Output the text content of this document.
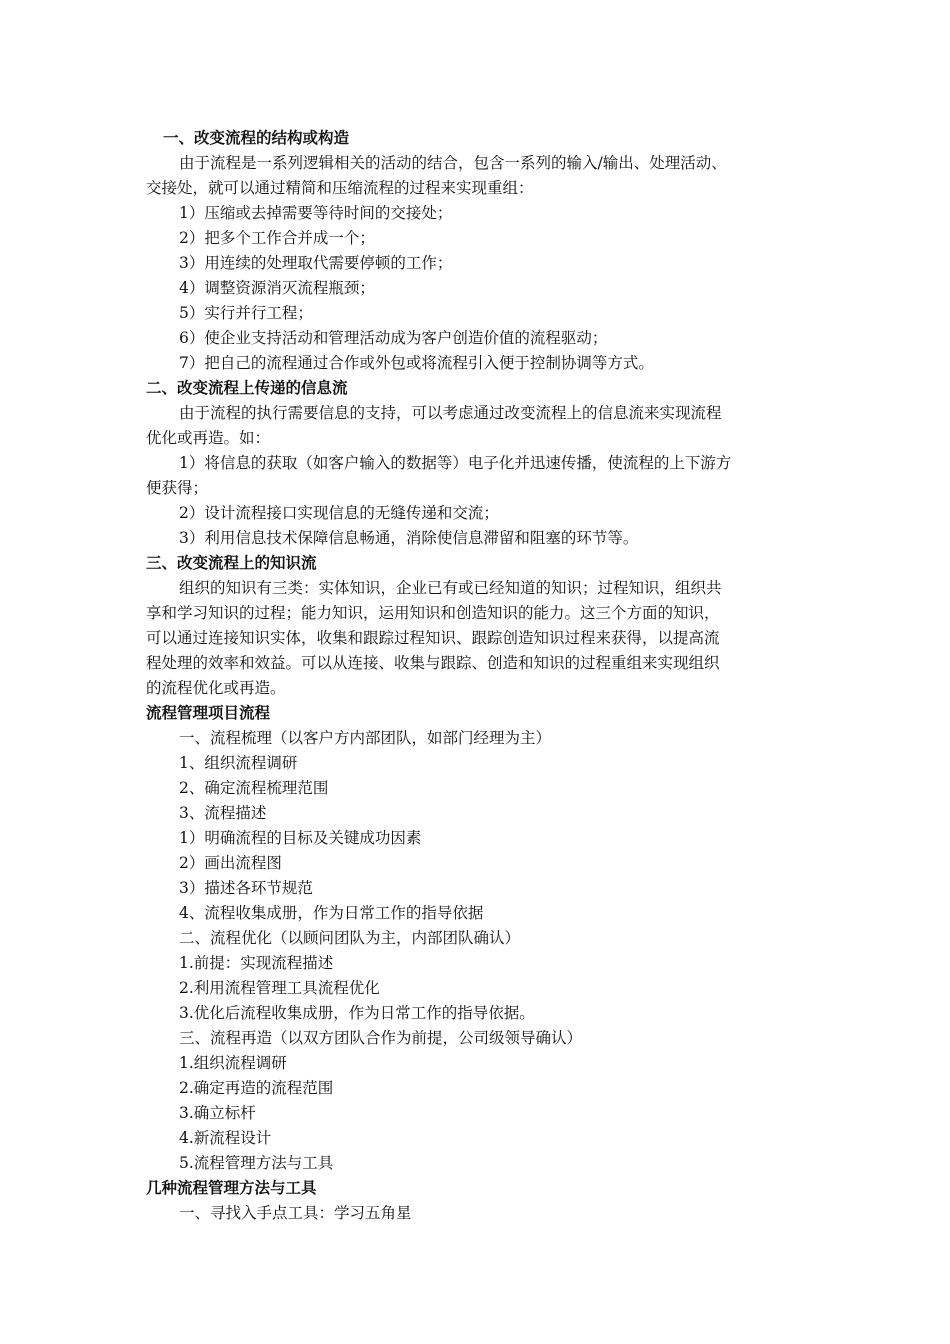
一、改变流程的结构或构造
由于流程是一系列逻辑相关的活动的结合，包含一系列的输入/输出、处理活动、
交接处，就可以通过精简和压缩流程的过程来实现重组：
1）压缩或去掉需要等待时间的交接处；
2）把多个工作合并成一个；
3）用连续的处理取代需要停顿的工作；
4）调整资源消灭流程瓶颈；
5）实行并行工程；
6）使企业支持活动和管理活动成为客户创造价值的流程驱动；
7）把自己的流程通过合作或外包或将流程引入便于控制协调等方式。
二、改变流程上传递的信息流
由于流程的执行需要信息的支持，可以考虑通过改变流程上的信息流来实现流程
优化或再造。如：
1）将信息的获取（如客户输入的数据等）电子化并迅速传播，使流程的上下游方
便获得；
2）设计流程接口实现信息的无缝传递和交流；
3）利用信息技术保障信息畅通，消除使信息滞留和阻塞的环节等。
三、改变流程上的知识流
组织的知识有三类：实体知识，企业已有或已经知道的知识；过程知识，组织共
享和学习知识的过程；能力知识，运用知识和创造知识的能力。这三个方面的知识，
可以通过连接知识实体，收集和跟踪过程知识、跟踪创造知识过程来获得，以提高流
程处理的效率和效益。可以从连接、收集与跟踪、创造和知识的过程重组来实现组织
的流程优化或再造。
流程管理项目流程
一、流程梳理（以客户方内部团队，如部门经理为主）
1、组织流程调研
2、确定流程梳理范围
3、流程描述
1）明确流程的目标及关键成功因素
2）画出流程图
3）描述各环节规范
4、流程收集成册，作为日常工作的指导依据
二、流程优化（以顾问团队为主，内部团队确认）
1.前提：实现流程描述
2.利用流程管理工具流程优化
3.优化后流程收集成册，作为日常工作的指导依据。
三、流程再造（以双方团队合作为前提，公司级领导确认）
1.组织流程调研
2.确定再造的流程范围
3.确立标杆
4.新流程设计
5.流程管理方法与工具
几种流程管理方法与工具
一、寻找入手点工具：学习五角星
